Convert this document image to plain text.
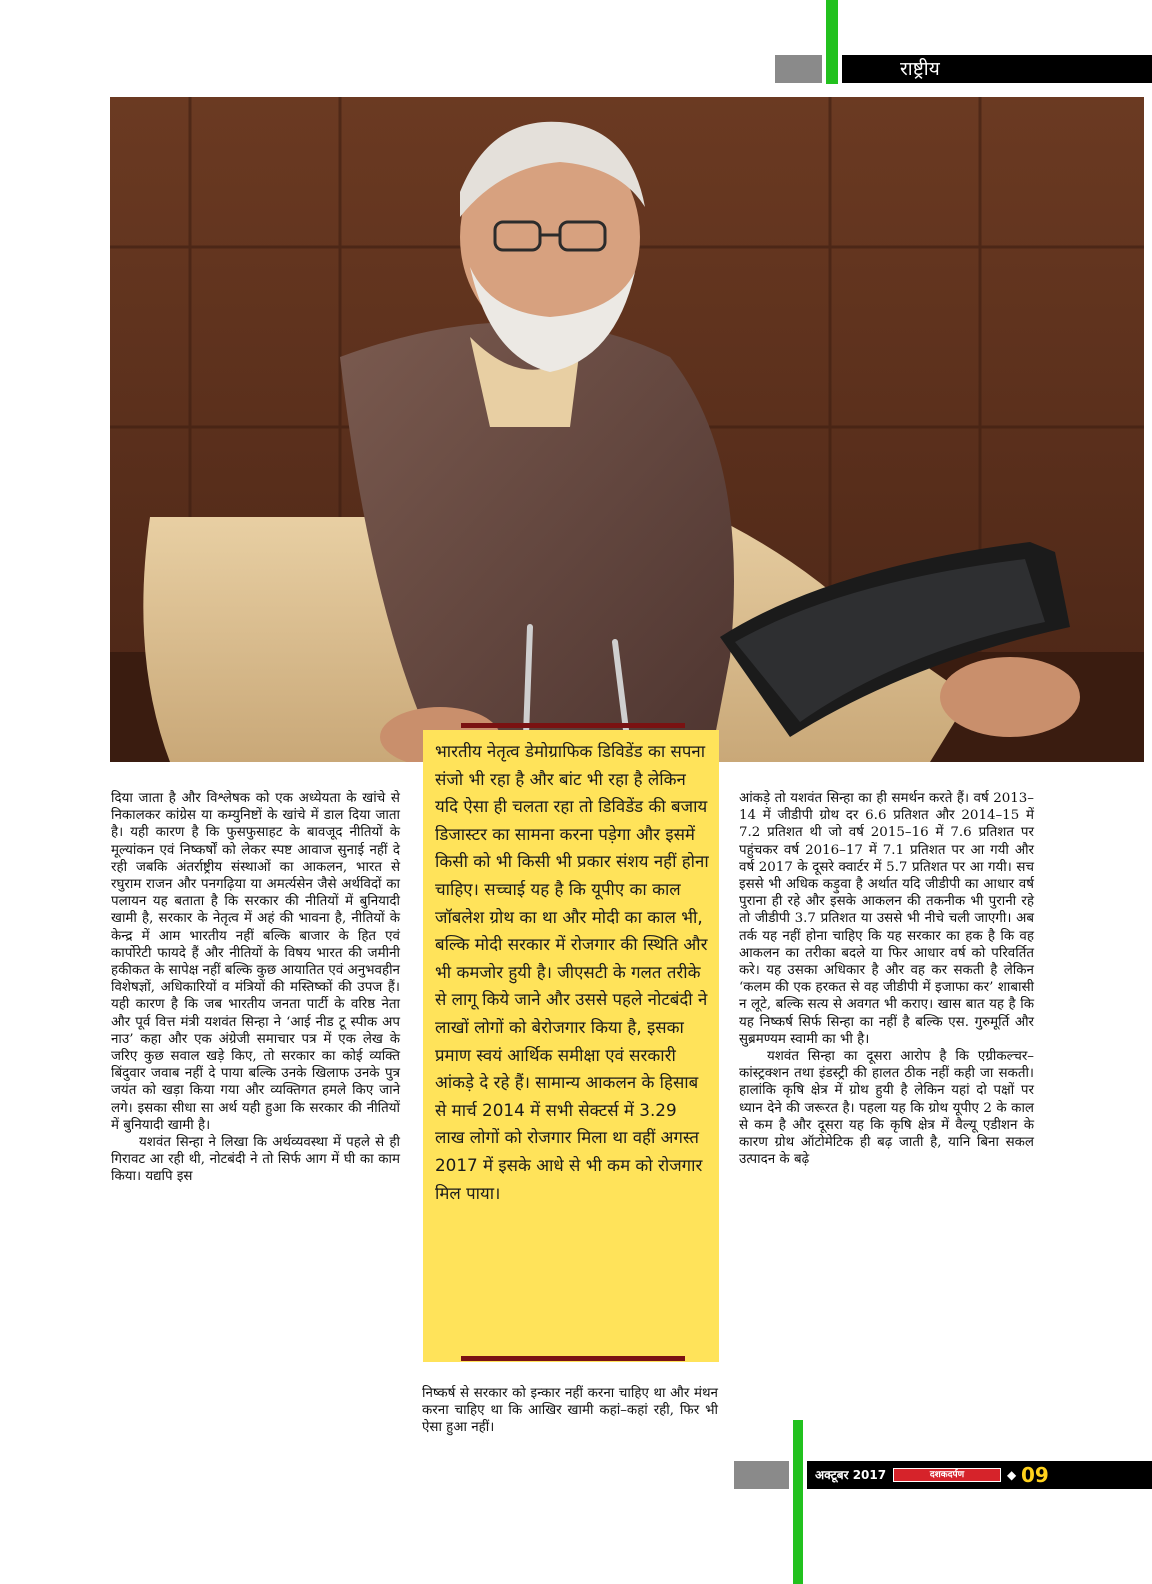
राष्ट्रीय

दिया जाता है और विश्लेषक को एक अध्येयता के खांचे से निकालकर कांग्रेस या कम्युनिष्टों के खांचे में डाल दिया जाता है। यही कारण है कि फुसफुसाहट के बावजूद नीतियों के मूल्यांकन एवं निष्कर्षों को लेकर स्पष्ट आवाज सुनाई नहीं दे रही जबकि अंतर्राष्ट्रीय संस्थाओं का आकलन, भारत से रघुराम राजन और पनगढ़िया या अमर्त्यसेन जैसे अर्थविदों का पलायन यह बताता है कि सरकार की नीतियों में बुनियादी खामी है, सरकार के नेतृत्व में अहं की भावना है, नीतियों के केन्द्र में आम भारतीय नहीं बल्कि बाजार के हित एवं कार्पोरेटी फायदे हैं और नीतियों के विषय भारत की जमीनी हकीकत के सापेक्ष नहीं बल्कि कुछ आयातित एवं अनुभवहीन विशेषज्ञों, अधिकारियों व मंत्रियों की मस्तिष्कों की उपज हैं। यही कारण है कि जब भारतीय जनता पार्टी के वरिष्ठ नेता और पूर्व वित्त मंत्री यशवंत सिन्हा ने ‘आई नीड टू स्पीक अप नाउ’ कहा और एक अंग्रेजी समाचार पत्र में एक लेख के जरिए कुछ सवाल खड़े किए, तो सरकार का कोई व्यक्ति बिंदुवार जवाब नहीं दे पाया बल्कि उनके खिलाफ उनके पुत्र जयंत को खड़ा किया गया और व्यक्तिगत हमले किए जाने लगे। इसका सीधा सा अर्थ यही हुआ कि सरकार की नीतियों में बुनियादी खामी है।

यशवंत सिन्हा ने लिखा कि अर्थव्यवस्था में पहले से ही गिरावट आ रही थी, नोटबंदी ने तो सिर्फ आग में घी का काम किया। यद्यपि इस

भारतीय नेतृत्व डेमोग्राफिक डिविडेंड का सपना संजो भी रहा है और बांट भी रहा है लेकिन यदि ऐसा ही चलता रहा तो डिविडेंड की बजाय डिजास्टर का सामना करना पड़ेगा और इसमें किसी को भी किसी भी प्रकार संशय नहीं होना चाहिए। सच्चाई यह है कि यूपीए का काल जॉबलेश ग्रोथ का था और मोदी का काल भी, बल्कि मोदी सरकार में रोजगार की स्थिति और भी कमजोर हुयी है। जीएसटी के गलत तरीके से लागू किये जाने और उससे पहले नोटबंदी ने लाखों लोगों को बेरोजगार किया है, इसका प्रमाण स्वयं आर्थिक समीक्षा एवं सरकारी आंकड़े दे रहे हैं। सामान्य आकलन के हिसाब से मार्च 2014 में सभी सेक्टर्स में 3.29 लाख लोगों को रोजगार मिला था वहीं अगस्त 2017 में इसके आधे से भी कम को रोजगार मिल पाया।

निष्कर्ष से सरकार को इन्कार नहीं करना चाहिए था और मंथन करना चाहिए था कि आखिर खामी कहां–कहां रही, फिर भी ऐसा हुआ नहीं।

आंकड़े तो यशवंत सिन्हा का ही समर्थन करते हैं। वर्ष 2013–14 में जीडीपी ग्रोथ दर 6.6 प्रतिशत और 2014–15 में 7.2 प्रतिशत थी जो वर्ष 2015–16 में 7.6 प्रतिशत पर पहुंचकर वर्ष 2016–17 में 7.1 प्रतिशत पर आ गयी और वर्ष 2017 के दूसरे क्वार्टर में 5.7 प्रतिशत पर आ गयी। सच इससे भी अधिक कड़ुवा है अर्थात यदि जीडीपी का आधार वर्ष पुराना ही रहे और इसके आकलन की तकनीक भी पुरानी रहे तो जीडीपी 3.7 प्रतिशत या उससे भी नीचे चली जाएगी। अब तर्क यह नहीं होना चाहिए कि यह सरकार का हक है कि वह आकलन का तरीका बदले या फिर आधार वर्ष को परिवर्तित करे। यह उसका अधिकार है और वह कर सकती है लेकिन ‘कलम की एक हरकत से वह जीडीपी में इजाफा कर’ शाबासी न लूटे, बल्कि सत्य से अवगत भी कराए। खास बात यह है कि यह निष्कर्ष सिर्फ सिन्हा का नहीं है बल्कि एस. गुरुमूर्ति और सुब्रमण्यम स्वामी का भी है।

यशवंत सिन्हा का दूसरा आरोप है कि एग्रीकल्चर–कांस्ट्रक्शन तथा इंडस्ट्री की हालत ठीक नहीं कही जा सकती। हालांकि कृषि क्षेत्र में ग्रोथ हुयी है लेकिन यहां दो पक्षों पर ध्यान देने की जरूरत है। पहला यह कि ग्रोथ यूपीए 2 के काल से कम है और दूसरा यह कि कृषि क्षेत्र में वैल्यू एडीशन के कारण ग्रोथ ऑटोमेटिक ही बढ़ जाती है, यानि बिना सकल उत्पादन के बढ़े

अक्टूबर 2017	दशकदर्पण	◆ 09
